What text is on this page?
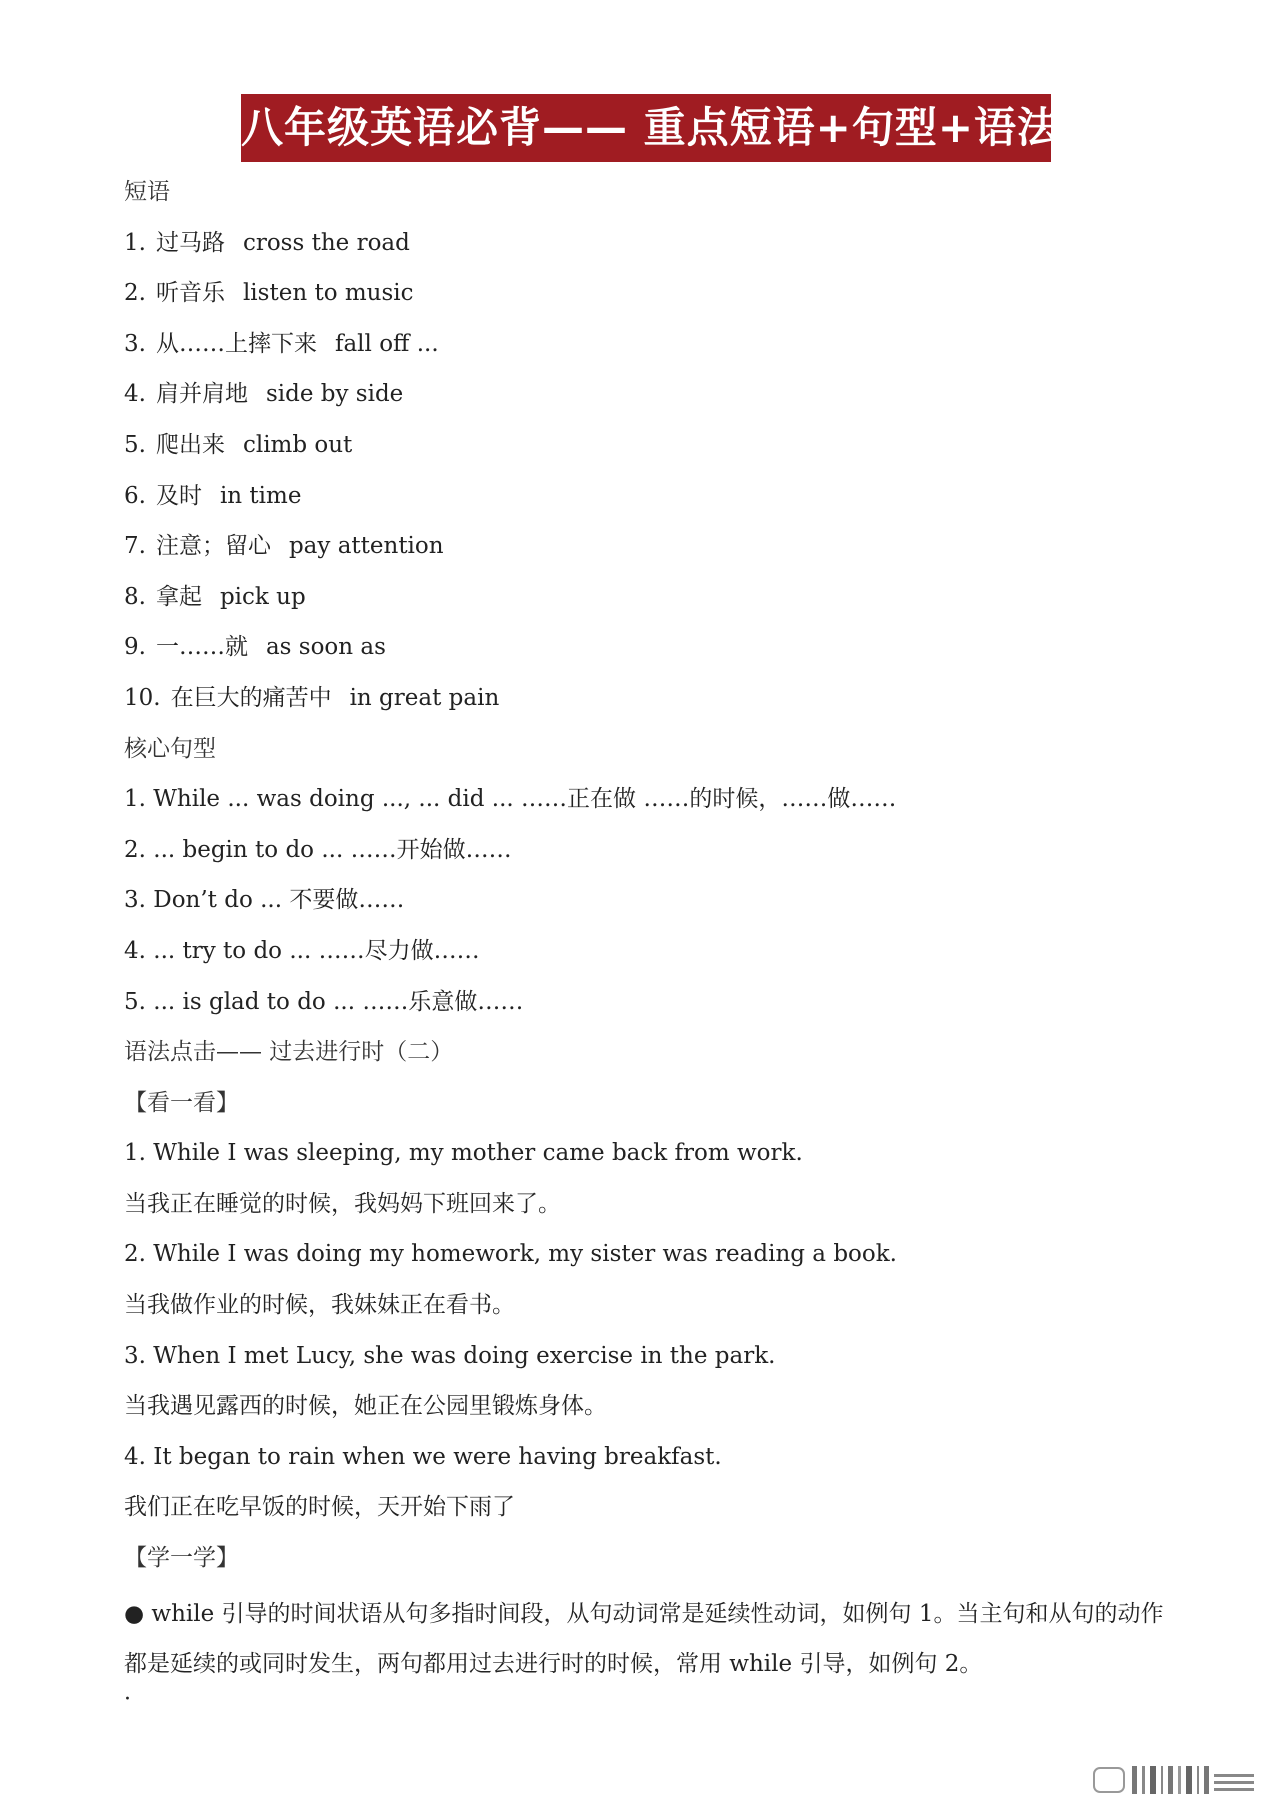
八年级英语必背—— 重点短语+句型+语法
短语
1. 过马路 cross the road
2. 听音乐 listen to music
3. 从……上摔下来 fall off ...
4. 肩并肩地 side by side
5. 爬出来 climb out
6. 及时 in time
7. 注意；留心 pay attention
8. 拿起 pick up
9. 一……就 as soon as
10. 在巨大的痛苦中 in great pain
核心句型
1. While ... was doing ..., ... did ... ……正在做 ……的时候，……做……
2. ... begin to do ... ……开始做……
3. Don’t do ... 不要做……
4. ... try to do ... ……尽力做……
5. ... is glad to do ... ……乐意做……
语法点击—— 过去进行时（二）
【看一看】
1. While I was sleeping, my mother came back from work.
当我正在睡觉的时候，我妈妈下班回来了。
2. While I was doing my homework, my sister was reading a book.
当我做作业的时候，我妹妹正在看书。
3. When I met Lucy, she was doing exercise in the park.
当我遇见露西的时候，她正在公园里锻炼身体。
4. It began to rain when we were having breakfast.
我们正在吃早饭的时候，天开始下雨了
【学一学】
● while 引导的时间状语从句多指时间段，从句动词常是延续性动词，如例句 1。当主句和从句的动作都是延续的或同时发生，两句都用过去进行时的时候，常用 while 引导，如例句 2。
·
